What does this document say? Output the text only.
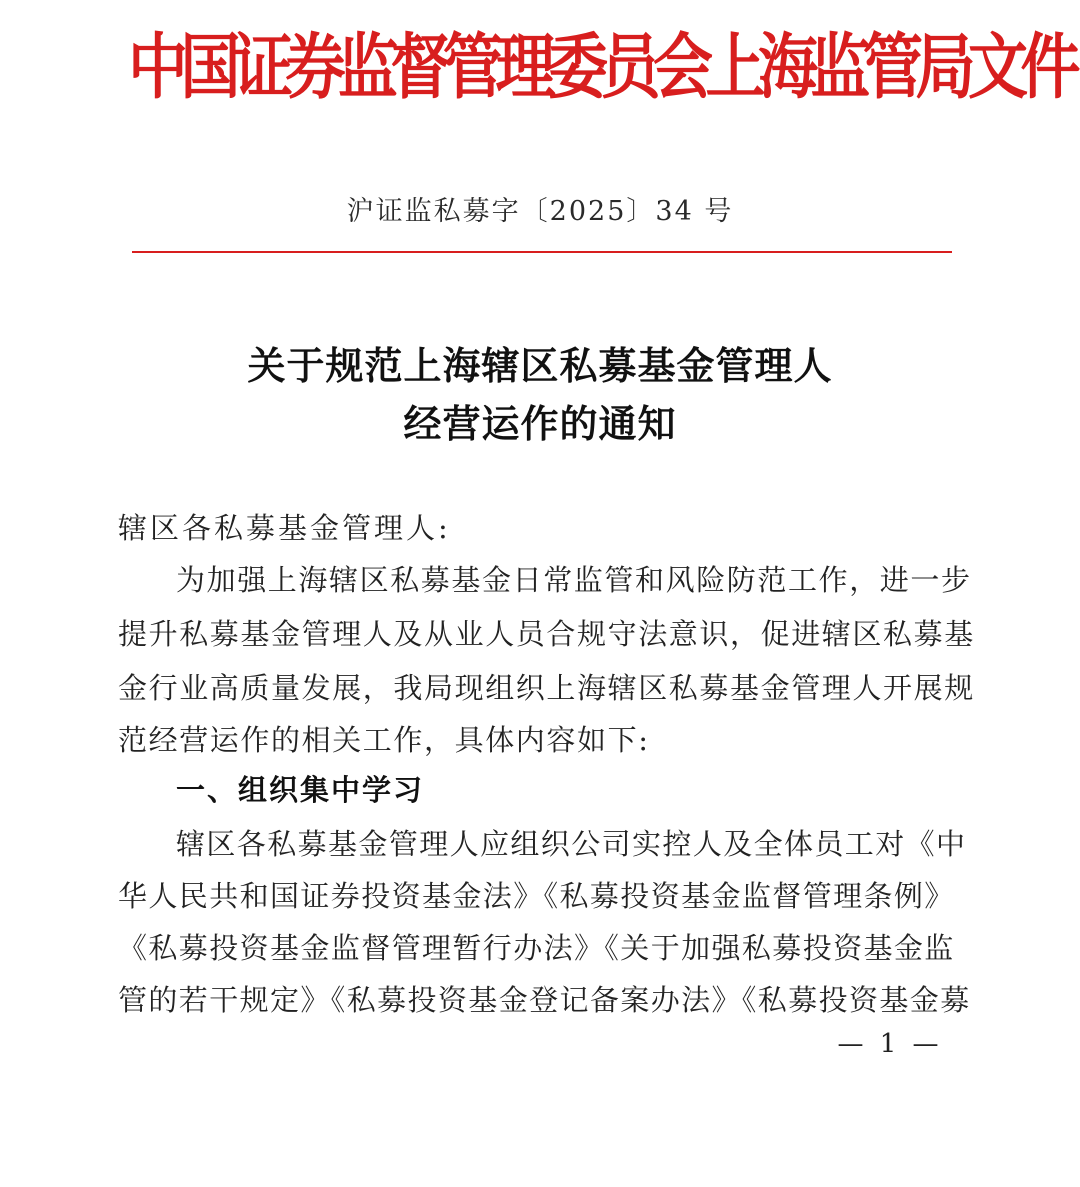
中国证券监督管理委员会上海监管局文件
沪证监私募字〔2025〕34 号
关于规范上海辖区私募基金管理人
经营运作的通知
辖区各私募基金管理人:
为加强上海辖区私募基金日常监管和风险防范工作，进一步
提升私募基金管理人及从业人员合规守法意识，促进辖区私募基
金行业高质量发展，我局现组织上海辖区私募基金管理人开展规
范经营运作的相关工作，具体内容如下:
一、组织集中学习
辖区各私募基金管理人应组织公司实控人及全体员工对《中
华人民共和国证券投资基金法》《私募投资基金监督管理条例》
《私募投资基金监督管理暂行办法》《关于加强私募投资基金监
管的若干规定》《私募投资基金登记备案办法》《私募投资基金募
— 1 —
